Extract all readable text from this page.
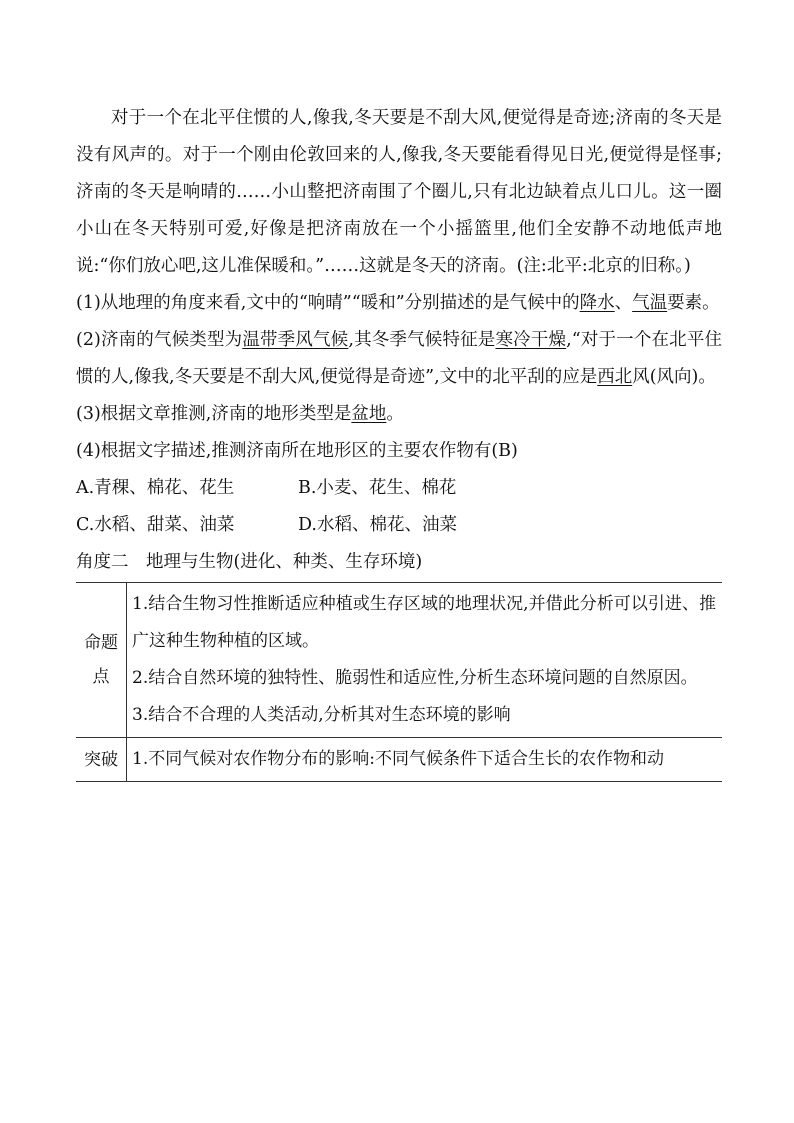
对于一个在北平住惯的人,像我,冬天要是不刮大风,便觉得是奇迹;济南的冬天是没有风声的。对于一个刚由伦敦回来的人,像我,冬天要能看得见日光,便觉得是怪事;济南的冬天是响晴的……小山整把济南围了个圈儿,只有北边缺着点儿口儿。这一圈小山在冬天特别可爱,好像是把济南放在一个小摇篮里,他们全安静不动地低声地说:“你们放心吧,这儿准保暖和。”……这就是冬天的济南。(注:北平:北京的旧称。)

(1)从地理的角度来看,文中的“响晴”“暖和”分别描述的是气候中的降水、气温要素。

(2)济南的气候类型为温带季风气候,其冬季气候特征是寒冷干燥,“对于一个在北平住惯的人,像我,冬天要是不刮大风,便觉得是奇迹”,文中的北平刮的应是西北风(风向)。

(3)根据文章推测,济南的地形类型是盆地。

(4)根据文字描述,推测济南所在地形区的主要农作物有(B)

A.青稞、棉花、花生	B.小麦、花生、棉花
C.水稻、甜菜、油菜	D.水稻、棉花、油菜

角度二　地理与生物(进化、种类、生存环境)

命题点	1.结合生物习性推断适应种植或生存区域的地理状况,并借此分析可以引进、推广这种生物种植的区域。

2.结合自然环境的独特性、脆弱性和适应性,分析生态环境问题的自然原因。

3.结合不合理的人类活动,分析其对生态环境的影响

突破	1.不同气候对农作物分布的影响:不同气候条件下适合生长的农作物和动
